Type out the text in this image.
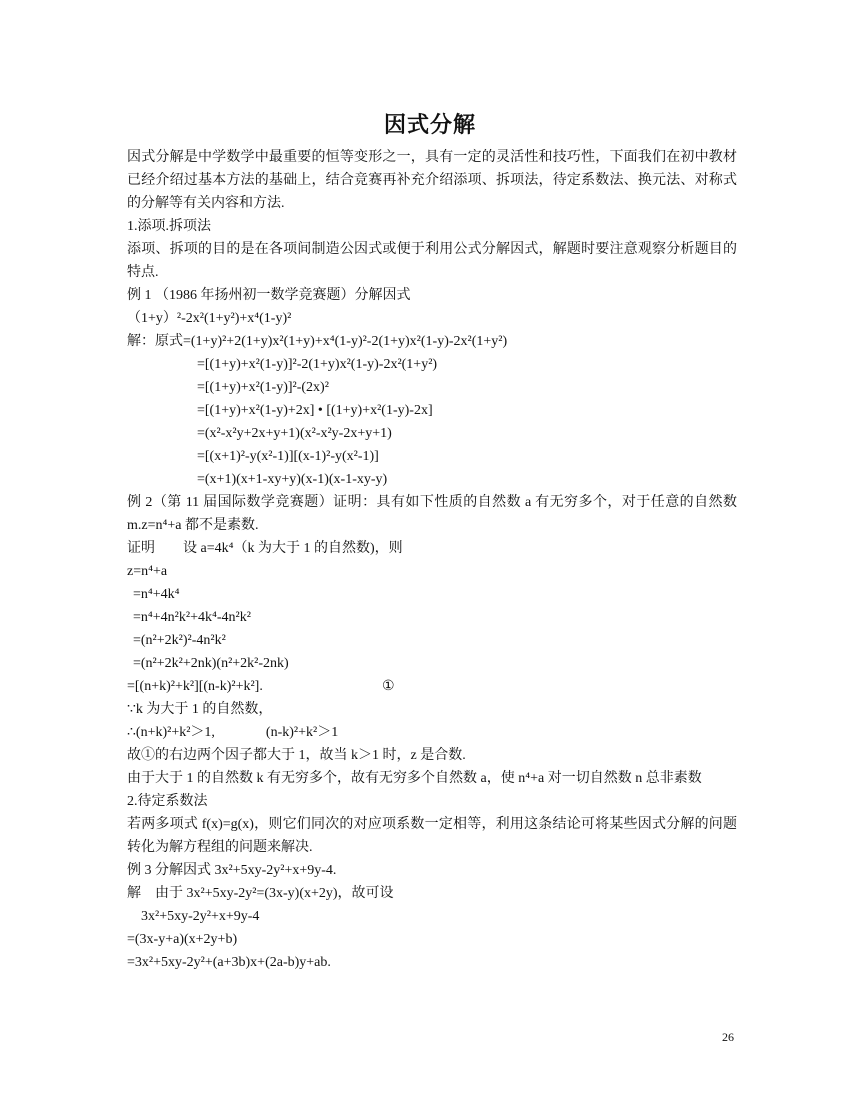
因式分解
因式分解是中学数学中最重要的恒等变形之一，具有一定的灵活性和技巧性，下面我们在初中教材已经介绍过基本方法的基础上，结合竞赛再补充介绍添项、拆项法，待定系数法、换元法、对称式的分解等有关内容和方法.
1.添项.拆项法
添项、拆项的目的是在各项间制造公因式或便于利用公式分解因式，解题时要注意观察分析题目的特点.
例 1 （1986 年扬州初一数学竞赛题）分解因式
（1+y）²-2x²(1+y²)+x⁴(1-y)²
解：原式=(1+y)²+2(1+y)x²(1+y)+x⁴(1-y)²-2(1+y)x²(1-y)-2x²(1+y²)
=[(1+y)+x²(1-y)]²-2(1+y)x²(1-y)-2x²(1+y²)
=[(1+y)+x²(1-y)]²-(2x)²
=[(1+y)+x²(1-y)+2x] • [(1+y)+x²(1-y)-2x]
=(x²-x²y+2x+y+1)(x²-x²y-2x+y+1)
=[(x+1)²-y(x²-1)][(x-1)²-y(x²-1)]
=(x+1)(x+1-xy+y)(x-1)(x-1-xy-y)
例 2（第 11 届国际数学竞赛题）证明：具有如下性质的自然数 a 有无穷多个，对于任意的自然数 m.z=n⁴+a 都不是素数.
证明　　设 a=4k⁴（k 为大于 1 的自然数)，则
z=n⁴+a
=n⁴+4k⁴
=n⁴+4n²k²+4k⁴-4n²k²
=(n²+2k²)²-4n²k²
=(n²+2k²+2nk)(n²+2k²-2nk)
=[(n+k)²+k²][(n-k)²+k²].	①
∵k 为大于 1 的自然数，
∴(n+k)²+k²＞1,	(n-k)²+k²＞1
故①的右边两个因子都大于 1，故当 k＞1 时，z 是合数.
由于大于 1 的自然数 k 有无穷多个，故有无穷多个自然数 a，使 n⁴+a 对一切自然数 n 总非素数
2.待定系数法
若两多项式 f(x)=g(x)，则它们同次的对应项系数一定相等，利用这条结论可将某些因式分解的问题转化为解方程组的问题来解决.
例 3 分解因式 3x²+5xy-2y²+x+9y-4.
解　由于 3x²+5xy-2y²=(3x-y)(x+2y)，故可设
3x²+5xy-2y²+x+9y-4
=(3x-y+a)(x+2y+b)
=3x²+5xy-2y²+(a+3b)x+(2a-b)y+ab.
26
